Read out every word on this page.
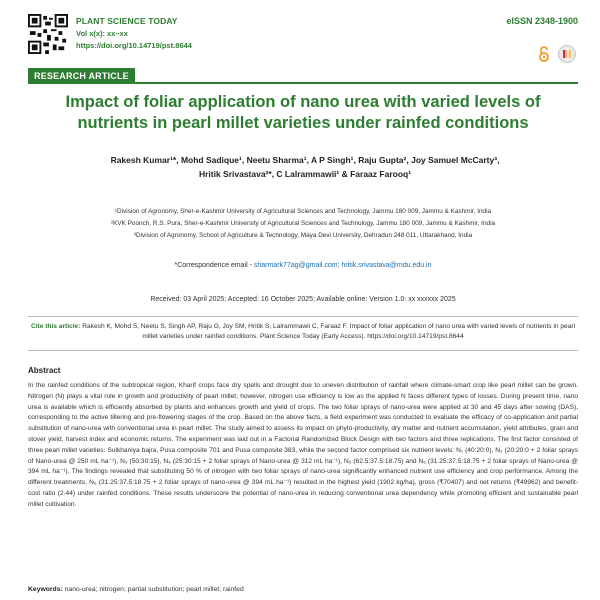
PLANT SCIENCE TODAY
Vol x(x): xx–xx
https://doi.org/10.14719/pst.8644
eISSN 2348-1900
RESEARCH ARTICLE
Impact of foliar application of nano urea with varied levels of nutrients in pearl millet varieties under rainfed conditions
Rakesh Kumar¹*, Mohd Sadique¹, Neetu Sharma¹, A P Singh¹, Raju Gupta², Joy Samuel McCarty³,
Hritik Srivastava²*, C Lalrammawii¹ & Faraaz Farooq¹
¹Division of Agronomy, Sher-e-Kashmir University of Agricultural Sciences and Technology, Jammu 180 009, Jammu & Kashmir, India
²KVK Poonch, R.S. Pura, Sher-e-Kashmir University of Agricultural Sciences and Technology, Jammu 180 009, Jammu & Kashmir, India
³Division of Agronomy, School of Agriculture & Technology, Maya Devi University, Dehradun 248 011, Uttarakhand, India
*Correspondence email - sharmark77ag@gmail.com; hritik.srivastava@mdu.edu.in
Received: 03 April 2025; Accepted: 16 October 2025; Available online: Version 1.0: xx xxxxxx 2025
Cite this article: Rakesh K, Mohd S, Neetu S, Singh AP, Raju G, Joy SM, Hritik S, Lalrammawii C, Faraaz F. Impact of foliar application of nano urea with varied levels of nutrients in pearl millet varieties under rainfed conditions. Plant Science Today (Early Access). https://doi.org/10.14719/pst.8644
Abstract

In the rainfed conditions of the subtropical region, Kharif crops face dry spells and drought due to uneven distribution of rainfall where climate-smart crop like pearl millet can be grown. Nitrogen (N) plays a vital role in growth and productivity of pearl millet; however, nitrogen use efficiency is low as the applied N faces different types of losses. During present time, nano urea is available which is efficiently absorbed by plants and enhances growth and yield of crops. The two foliar sprays of nano-urea were applied at 30 and 45 days after sowing (DAS), corresponding to the active tillering and pre-flowering stages of the crop. Based on the above facts, a field experiment was conducted to evaluate the efficacy of co-application and partial substitution of nano-urea with conventional urea in pearl millet. The study aimed to assess its impact on phyto-productivity, dry matter and nutrient accumulation, yield attributes, grain and stover yield, harvest index and economic returns. The experiment was laid out in a Factorial Randomized Block Design with two factors and three replications. The first factor consisted of three pearl millet varieties: Sulkhaniya bajra, Pusa composite 701 and Pusa composite 383, while the second factor comprised six nutrient levels: N₁ (40:20:0), N₂ (20:20:0 + 2 foliar sprays of Nano-urea @ 250 mL ha⁻¹), N₃ (50:30:15), N₄ (25:30:15 + 2 foliar sprays of Nano-urea @ 312 mL ha⁻¹), N₅ (62.5:37.5:18.75) and N₆ (31.25:37.5:18.75 + 2 foliar sprays of Nano-urea @ 394 mL ha⁻¹). The findings revealed that substituting 50 % of nitrogen with two foliar sprays of nano-urea significantly enhanced nutrient use efficiency and crop performance. Among the different treatments, N₆ (31.25:37.5:18.75 + 2 foliar sprays of nano-urea @ 394 mL ha⁻¹) resulted in the highest yield (1902 kg/ha), gross (₹70407) and net returns (₹49962) and benefit-cost ratio (2.44) under rainfed conditions. These results underscore the potential of nano-urea in reducing conventional urea dependency while promoting efficient and sustainable pearl millet cultivation.

Keywords: nano-urea; nitrogen; partial substitution; pearl millet; rainfed
